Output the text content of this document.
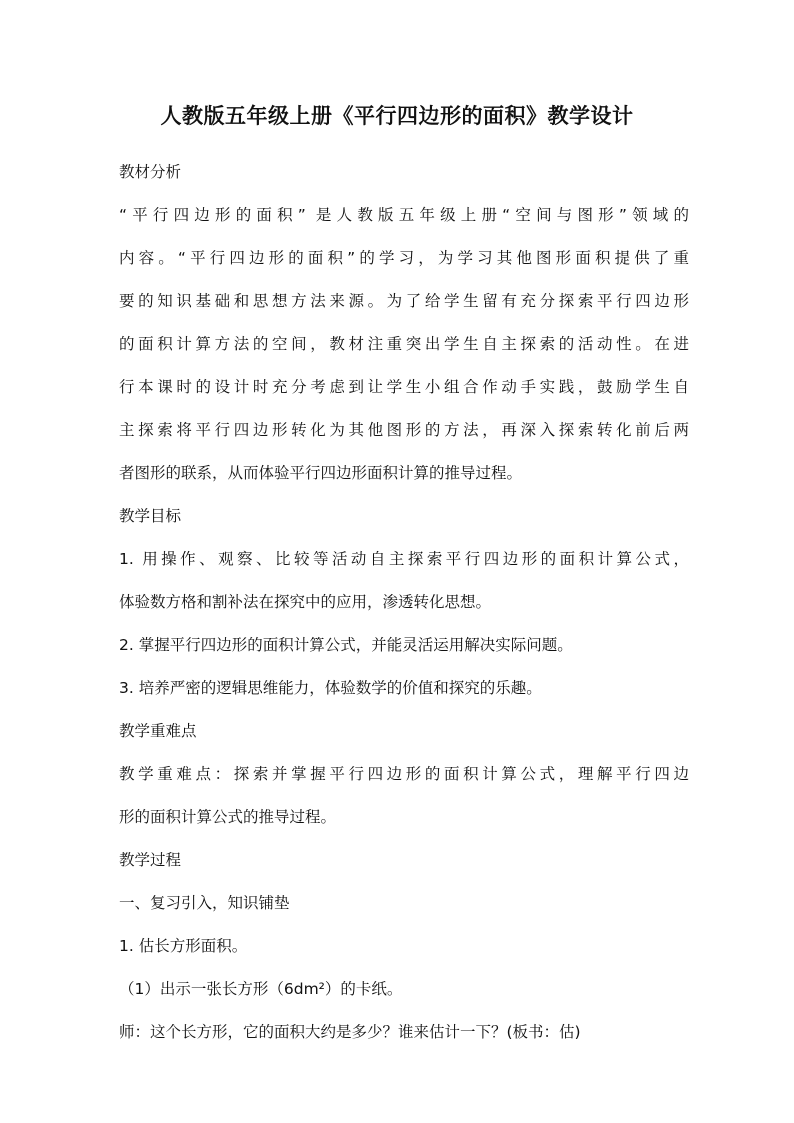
人教版五年级上册《平行四边形的面积》教学设计
教材分析
“平行四边形的面积” 是人教版五年级上册“空间与图形”领域的
内容。“平行四边形的面积”的学习，为学习其他图形面积提供了重
要的知识基础和思想方法来源。为了给学生留有充分探索平行四边形
的面积计算方法的空间，教材注重突出学生自主探索的活动性。在进
行本课时的设计时充分考虑到让学生小组合作动手实践，鼓励学生自
主探索将平行四边形转化为其他图形的方法，再深入探索转化前后两
者图形的联系，从而体验平行四边形面积计算的推导过程。
教学目标
1. 用操作、观察、比较等活动自主探索平行四边形的面积计算公式，
体验数方格和割补法在探究中的应用，渗透转化思想。
2. 掌握平行四边形的面积计算公式，并能灵活运用解决实际问题。
3. 培养严密的逻辑思维能力，体验数学的价值和探究的乐趣。
教学重难点
教学重难点：探索并掌握平行四边形的面积计算公式，理解平行四边
形的面积计算公式的推导过程。
教学过程
一、复习引入，知识铺垫
1. 估长方形面积。
（1）出示一张长方形（6dm²）的卡纸。
师：这个长方形，它的面积大约是多少？谁来估计一下？(板书：估)
